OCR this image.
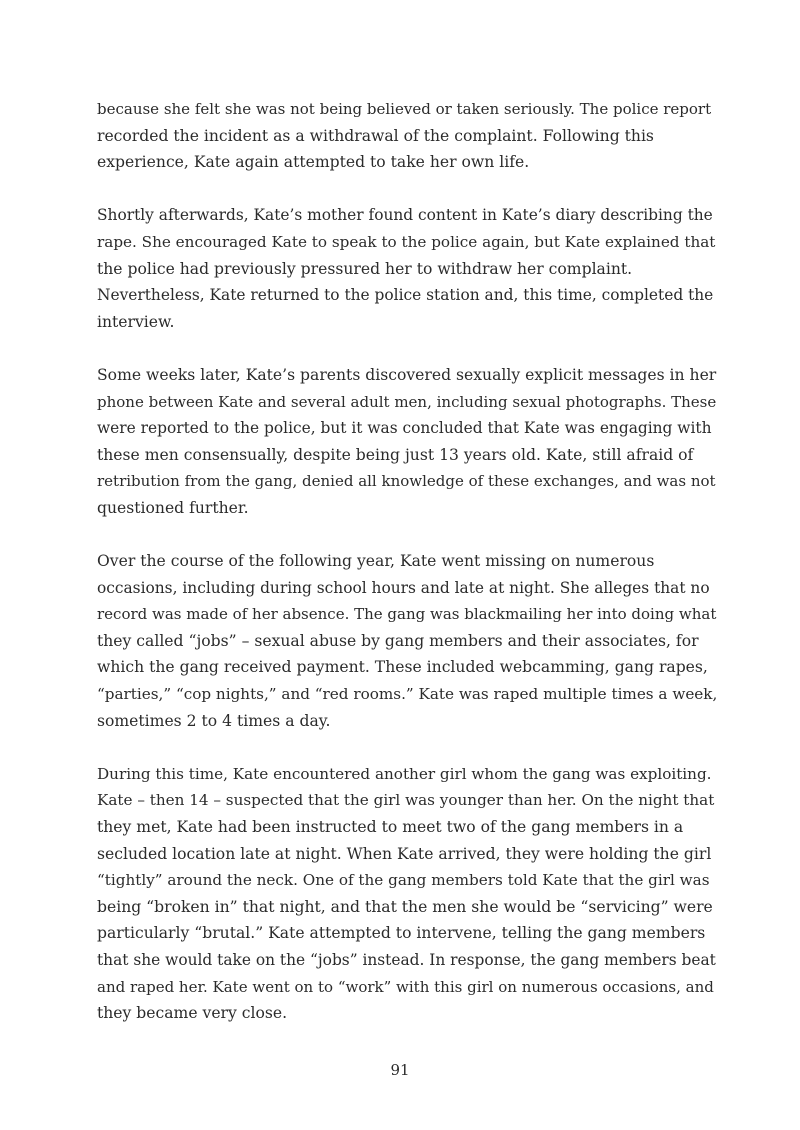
because she felt she was not being believed or taken seriously. The police report
recorded the incident as a withdrawal of the complaint. Following this
experience, Kate again attempted to take her own life.

Shortly afterwards, Kate’s mother found content in Kate’s diary describing the
rape. She encouraged Kate to speak to the police again, but Kate explained that
the police had previously pressured her to withdraw her complaint.
Nevertheless, Kate returned to the police station and, this time, completed the
interview.

Some weeks later, Kate’s parents discovered sexually explicit messages in her
phone between Kate and several adult men, including sexual photographs. These
were reported to the police, but it was concluded that Kate was engaging with
these men consensually, despite being just 13 years old. Kate, still afraid of
retribution from the gang, denied all knowledge of these exchanges, and was not
questioned further.

Over the course of the following year, Kate went missing on numerous
occasions, including during school hours and late at night. She alleges that no
record was made of her absence. The gang was blackmailing her into doing what
they called “jobs” – sexual abuse by gang members and their associates, for
which the gang received payment. These included webcamming, gang rapes,
“parties,” “cop nights,” and “red rooms.” Kate was raped multiple times a week,
sometimes 2 to 4 times a day.

During this time, Kate encountered another girl whom the gang was exploiting.
Kate – then 14 – suspected that the girl was younger than her. On the night that
they met, Kate had been instructed to meet two of the gang members in a
secluded location late at night. When Kate arrived, they were holding the girl
“tightly” around the neck. One of the gang members told Kate that the girl was
being “broken in” that night, and that the men she would be “servicing” were
particularly “brutal.” Kate attempted to intervene, telling the gang members
that she would take on the “jobs” instead. In response, the gang members beat
and raped her. Kate went on to “work” with this girl on numerous occasions, and
they became very close.

91
